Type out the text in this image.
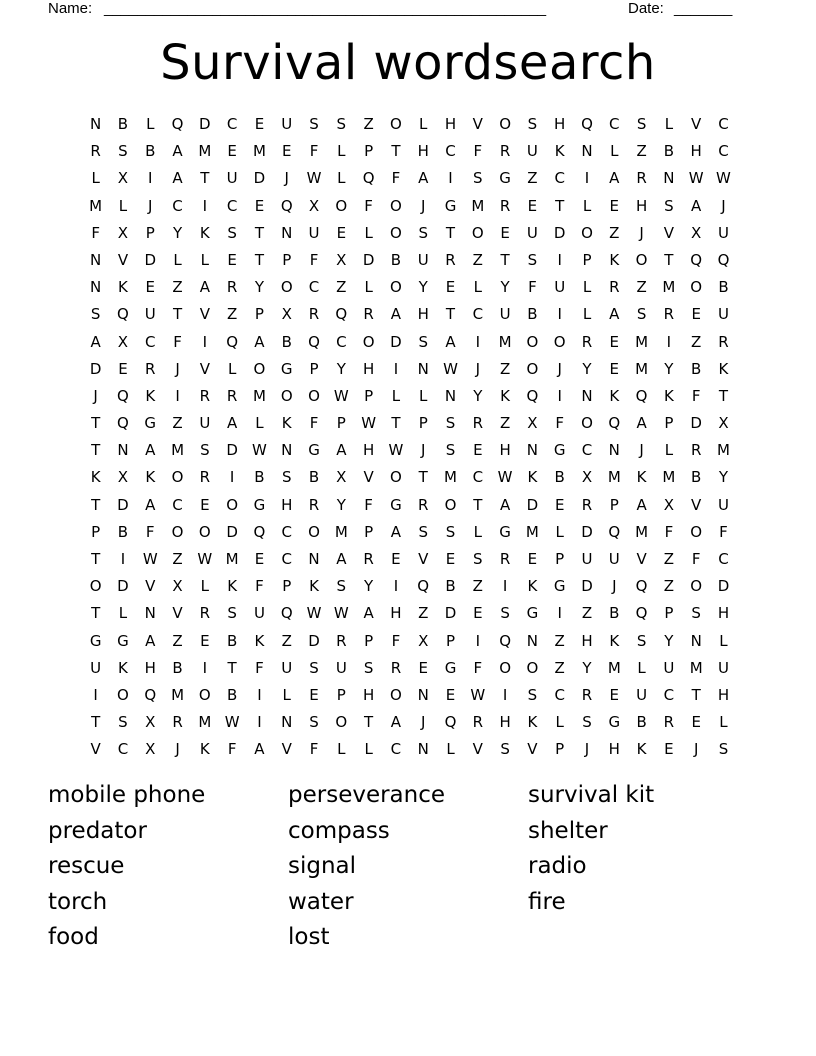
Name: _____________________________________________________	Date: _______
Survival wordsearch
N	B	L	Q	D	C	E	U	S	S	Z	O	L	H	V	O	S	H	Q	C	S	L	V	C
R	S	B	A	M	E	M	E	F	L	P	T	H	C	F	R	U	K	N	L	Z	B	H	C
L	X	I	A	T	U	D	J	W	L	Q	F	A	I	S	G	Z	C	I	A	R	N W W
M	L	J	C	I	C	E	Q	X	O	F	O	J	G	M	R	E	T	L	E	H	S	A	J
F	X	P	Y	K	S	T	N	U	E	L	O	S	T	O	E	U	D	O	Z	J	V	X	U
N	V	D	L	L	E	T	P	F	X	D	B	U	R	Z	T	S	I	P	K	O	T	Q	Q
N	K	E	Z	A	R	Y	O	C	Z	L	O	Y	E	L	Y	F	U	L	R	Z	M O	B
S	Q	U	T	V	Z	P	X	R	Q	R	A	H	T	C	U	B	I	L	A	S	R	E	U
A	X	C	F	I	Q	A	B	Q	C	O	D	S	A	I	M O	O	R	E	M	I	Z	R
D	E	R	J	V	L	O	G	P	Y	H	I	N W	J	Z	O	J	Y	E	M	Y	B	K
J	Q	K	I	R	R	M O	O W	P	L	L	N	Y	K	Q	I	N	K	Q	K	F	T
T	Q	G	Z	U	A	L	K	F	P	W	T	P	S	R	Z	X	F	O	Q	A	P	D	X
T	N	A	M	S	D W N	G	A	H W	J	S	E	H	N	G	C	N	J	L	R	M
K	X	K	O	R	I	B	S	B	X	V	O	T	M	C W K	B	X	M	K	M	B	Y
T	D	A	C	E	O	G	H	R	Y	F	G	R	O	T	A	D	E	R	P	A	X	V	U
P	B	F	O	O	D	Q	C	O M	P	A	S	S	L	G	M	L	D	Q M	F	O	F
T	I	W Z W M	E	C	N	A	R	E	V	E	S	R	E	P	U	U	V	Z	F	C
O	D	V	X	L	K	F	P	K	S	Y	I	Q	B	Z	I	K	G	D	J	Q	Z	O	D
T	L	N	V	R	S	U	Q W W A	H	Z	D	E	S	G	I	Z	B	Q	P	S	H
G	G	A	Z	E	B	K	Z	D	R	P	F	X	P	I	Q	N	Z	H	K	S	Y	N	L
U	K	H	B	I	T	F	U	S	U	S	R	E	G	F	O	O	Z	Y	M	L	U	M	U
I	O	Q M O	B	I	L	E	P	H	O	N	E	W	I	S	C	R	E	U	C	T	H
T	S	X	R	M W	I	N	S	O	T	A	J	Q	R	H	K	L	S	G	B	R	E	L
V	C	X	J	K	F	A	V	F	L	L	C	N	L	V	S	V	P	J	H	K	E	J	S
mobile phone	perseverance	survival kit
predator	compass	shelter
rescue	signal	radio
torch	water	fire
food	lost
